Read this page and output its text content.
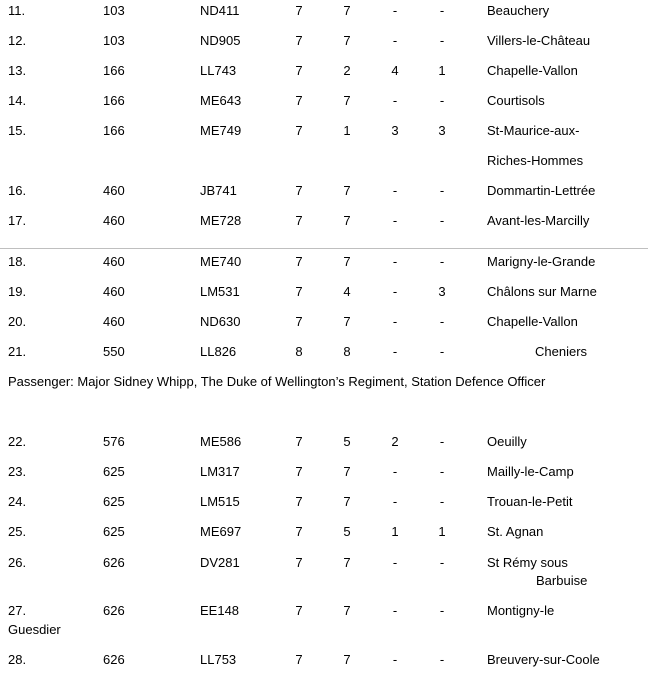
11.	103	ND411	7	7	-	-	Beauchery
12.	103	ND905	7	7	-	-	Villers-le-Château
13.	166	LL743	7	2	4	1	Chapelle-Vallon
14.	166	ME643	7	7	-	-	Courtisols
15.	166	ME749	7	1	3	3	St-Maurice-aux-
Riches-Hommes
16.	460	JB741	7	7	-	-	Dommartin-Lettrée
17.	460	ME728	7	7	-	-	Avant-les-Marcilly
18.	460	ME740	7	7	-	-	Marigny-le-Grande
19.	460	LM531	7	4	-	3	Châlons sur Marne
20.	460	ND630	7	7	-	-	Chapelle-Vallon
21.	550	LL826	8	8	-	-	Cheniers
Passenger: Major Sidney Whipp, The Duke of Wellington’s Regiment, Station Defence Officer
22.	576	ME586	7	5	2	-	Oeuilly
23.	625	LM317	7	7	-	-	Mailly-le-Camp
24.	625	LM515	7	7	-	-	Trouan-le-Petit
25.	625	ME697	7	5	1	1	St. Agnan
26.	626	DV281	7	7	-	-	St Rémy sous
Barbuise
27.	626	EE148	7	7	-	-	Montigny-le
Guesdier
28.	626	LL753	7	7	-	-	Breuvery-sur-Coole
